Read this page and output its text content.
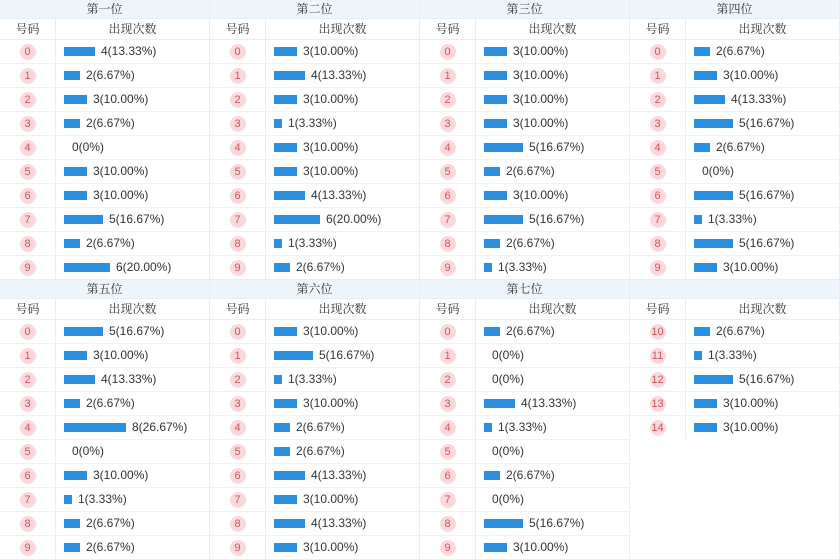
第一位
号码	出现次数
0	4(13.33%)
1	2(6.67%)
2	3(10.00%)
3	2(6.67%)
4	0(0%)
5	3(10.00%)
6	3(10.00%)
7	5(16.67%)
8	2(6.67%)
9	6(20.00%)
第二位
号码	出现次数
0	3(10.00%)
1	4(13.33%)
2	3(10.00%)
3	1(3.33%)
4	3(10.00%)
5	3(10.00%)
6	4(13.33%)
7	6(20.00%)
8	1(3.33%)
9	2(6.67%)
第三位
号码	出现次数
0	3(10.00%)
1	3(10.00%)
2	3(10.00%)
3	3(10.00%)
4	5(16.67%)
5	2(6.67%)
6	3(10.00%)
7	5(16.67%)
8	2(6.67%)
9	1(3.33%)
第四位
号码	出现次数
0	2(6.67%)
1	3(10.00%)
2	4(13.33%)
3	5(16.67%)
4	2(6.67%)
5	0(0%)
6	5(16.67%)
7	1(3.33%)
8	5(16.67%)
9	3(10.00%)
第五位
号码	出现次数
0	5(16.67%)
1	3(10.00%)
2	4(13.33%)
3	2(6.67%)
4	8(26.67%)
5	0(0%)
6	3(10.00%)
7	1(3.33%)
8	2(6.67%)
9	2(6.67%)
第六位
号码	出现次数
0	3(10.00%)
1	5(16.67%)
2	1(3.33%)
3	3(10.00%)
4	2(6.67%)
5	2(6.67%)
6	4(13.33%)
7	3(10.00%)
8	4(13.33%)
9	3(10.00%)
第七位
号码	出现次数
0	2(6.67%)
1	0(0%)
2	0(0%)
3	4(13.33%)
4	1(3.33%)
5	0(0%)
6	2(6.67%)
7	0(0%)
8	5(16.67%)
9	3(10.00%)
号码	出现次数
10	2(6.67%)
11	1(3.33%)
12	5(16.67%)
13	3(10.00%)
14	3(10.00%)
